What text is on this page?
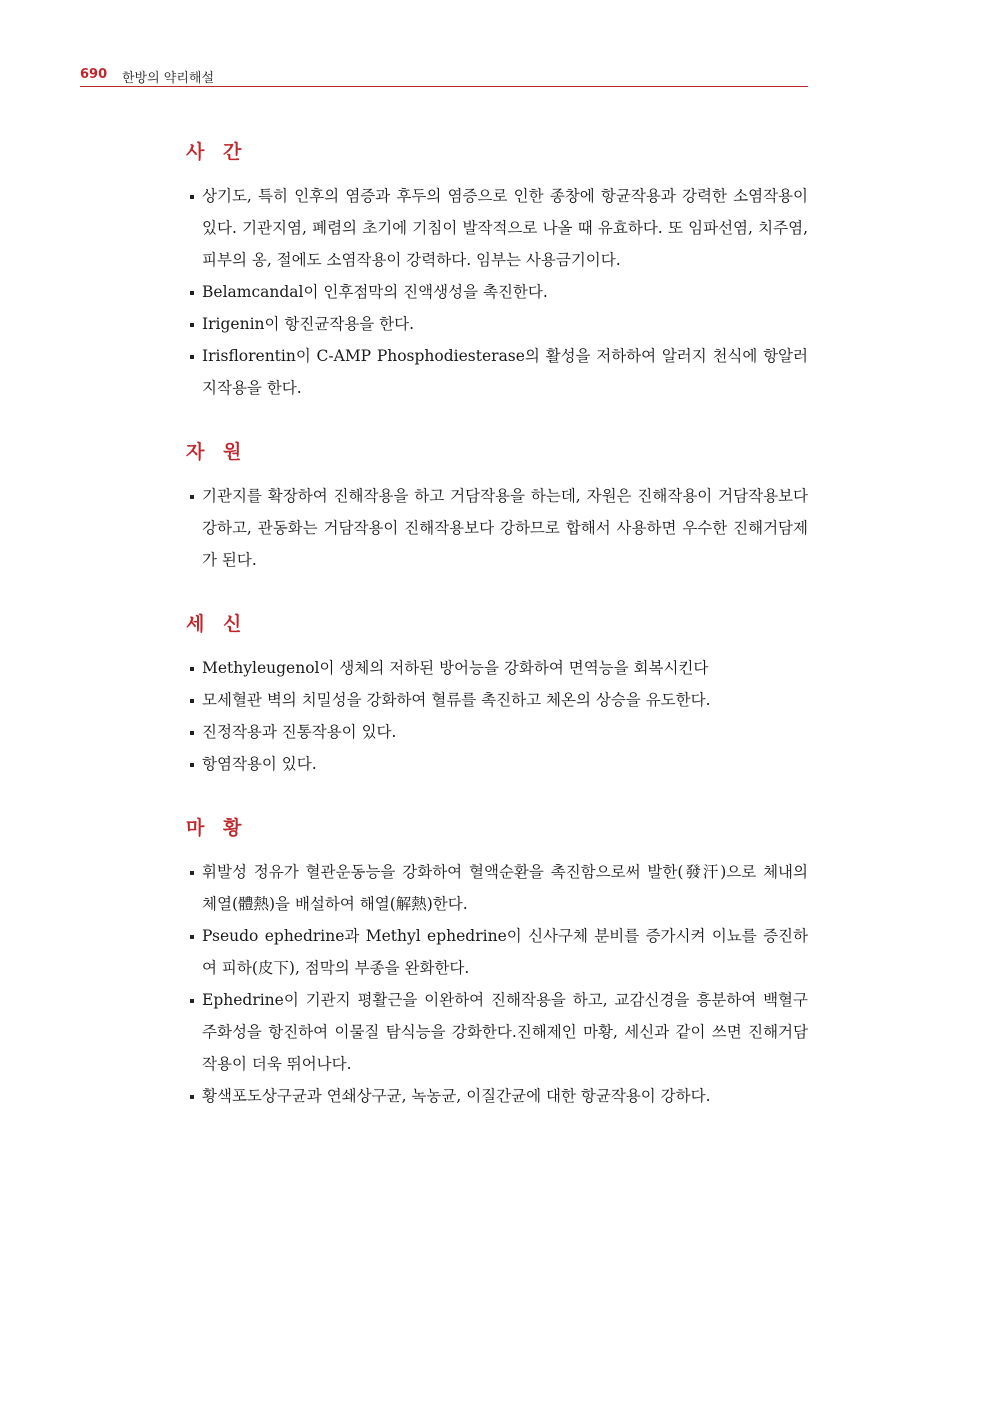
690 한방의 약리해설
사 간
상기도, 특히 인후의 염증과 후두의 염증으로 인한 종창에 항균작용과 강력한 소염작용이 있다. 기관지염, 폐렴의 초기에 기침이 발작적으로 나올 때 유효하다. 또 임파선염, 치주염, 피부의 옹, 절에도 소염작용이 강력하다. 임부는 사용금기이다.
Belamcandal이 인후점막의 진액생성을 촉진한다.
Irigenin이 항진균작용을 한다.
Irisflorentin이 C-AMP Phosphodiesterase의 활성을 저하하여 알러지 천식에 항알러지작용을 한다.
자 원
기관지를 확장하여 진해작용을 하고 거담작용을 하는데, 자원은 진해작용이 거담작용보다 강하고, 관동화는 거담작용이 진해작용보다 강하므로 합해서 사용하면 우수한 진해거담제가 된다.
세 신
Methyleugenol이 생체의 저하된 방어능을 강화하여 면역능을 회복시킨다
모세혈관 벽의 치밀성을 강화하여 혈류를 촉진하고 체온의 상승을 유도한다.
진정작용과 진통작용이 있다.
항염작용이 있다.
마 황
휘발성 정유가 혈관운동능을 강화하여 혈액순환을 촉진함으로써 발한(發汗)으로 체내의 체열(體熱)을 배설하여 해열(解熱)한다.
Pseudo ephedrine과 Methyl ephedrine이 신사구체 분비를 증가시켜 이뇨를 증진하여 피하(皮下), 점막의 부종을 완화한다.
Ephedrine이 기관지 평활근을 이완하여 진해작용을 하고, 교감신경을 흥분하여 백혈구 주화성을 항진하여 이물질 탐식능을 강화한다.진해제인 마황, 세신과 같이 쓰면 진해거담작용이 더욱 뛰어나다.
황색포도상구균과 연쇄상구균, 녹농균, 이질간균에 대한 항균작용이 강하다.
